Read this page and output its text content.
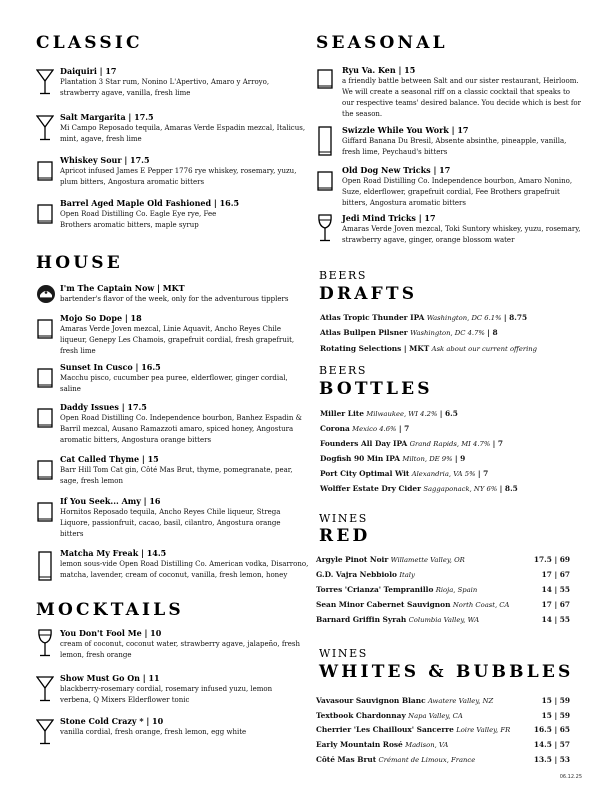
CLASSIC
Daiquiri | 17
Plantation 3 Star rum, Nonino L'Apertivo, Amaro y Arroyo, strawberry agave, vanilla, fresh lime
Salt Margarita | 17.5
Mi Campo Reposado tequila, Amaras Verde Espadin mezcal, Italicus, mint, agave, fresh lime
Whiskey Sour | 17.5
Apricot infused James E Pepper 1776 rye whiskey, rosemary, yuzu, plum bitters, Angostura aromatic bitters
Barrel Aged Maple Old Fashioned | 16.5
Open Road Distilling Co. Eagle Eye rye, Fee Brothers aromatic bitters, maple syrup
HOUSE
I'm The Captain Now | MKT
bartender's flavor of the week, only for the adventurous tipplers
Mojo So Dope | 18
Amaras Verde Joven mezcal, Linie Aquavit, Ancho Reyes Chile liqueur, Genepy Les Chamois, grapefruit cordial, fresh grapefruit, fresh lime
Sunset In Cusco | 16.5
Macchu pisco, cucumber pea puree, elderflower, ginger cordial, saline
Daddy Issues | 17.5
Open Road Distilling Co. Independence bourbon, Banhez Espadin & Barril mezcal, Ausano Ramazzoti amaro, spiced honey, Angostura aromatic bitters, Angostura orange bitters
Cat Called Thyme | 15
Barr Hill Tom Cat gin, Côté Mas Brut, thyme, pomegranate, pear, sage, fresh lemon
If You Seek... Amy | 16
Hornitos Reposado tequila, Ancho Reyes Chile liqueur, Strega Liquore, passionfruit, cacao, basil, cilantro, Angostura orange bitters
Matcha My Freak | 14.5
lemon sous-vide Open Road Distilling Co. American vodka, Disarrono, matcha, lavender, cream of coconut, vanilla, fresh lemon, honey
MOCKTAILS
You Don't Fool Me | 10
cream of coconut, coconut water, strawberry agave, jalapeño, fresh lemon, fresh orange
Show Must Go On | 11
blackberry-rosemary cordial, rosemary infused yuzu, lemon verbena, Q Mixers Elderflower tonic
Stone Cold Crazy * | 10
vanilla cordial, fresh orange, fresh lemon, egg white
SEASONAL
Ryu Va. Ken | 15
a friendly battle between Salt and our sister restaurant, Heirloom. We will create a seasonal riff on a classic cocktail that speaks to our respective teams' desired balance. You decide which is best for the season.
Swizzle While You Work | 17
Giffard Banana Du Bresil, Absente absinthe, pineapple, vanilla, fresh lime, Peychaud's bitters
Old Dog New Tricks | 17
Open Road Distilling Co. Independence bourbon, Amaro Nonino, Suze, elderflower, grapefruit cordial, Fee Brothers grapefruit bitters, Angostura aromatic bitters
Jedi Mind Tricks | 17
Amaras Verde Joven mezcal, Toki Suntory whiskey, yuzu, rosemary, strawberry agave, ginger, orange blossom water
BEERS
DRAFTS
Atlas Tropic Thunder IPA Washington, DC 6.1% | 8.75
Atlas Bullpen Pilsner Washington, DC 4.7% | 8
Rotating Selections | MKT Ask about our current offering
BEERS
BOTTLES
Miller Lite Milwaukee, WI 4.2% | 6.5
Corona Mexico 4.6% | 7
Founders All Day IPA Grand Rapids, MI 4.7% | 7
Dogfish 90 Min IPA Milton, DE 9% | 9
Port City Optimal Wit Alexandria, VA 5% | 7
Wolffer Estate Dry Cider Saggaponack, NY 6% | 8.5
WINES
RED
Argyle Pinot Noir Willamette Valley, OR	17.5 | 69
G.D. Vajra Nebbiolo Italy	17 | 67
Torres 'Crianza' Tempranillo Rioja, Spain	14 | 55
Sean Minor Cabernet Sauvignon North Coast, CA	17 | 67
Barnard Griffin Syrah Columbia Valley, WA	14 | 55
WINES
WHITES & BUBBLES
Vavasour Sauvignon Blanc Awatere Valley, NZ	15 | 59
Textbook Chardonnay Napa Valley, CA	15 | 59
Cherrier 'Les Chailloux' Sancerre Loire Valley, FR	16.5 | 65
Early Mountain Rosé Madison, VA	14.5 | 57
Côté Mas Brut Crémant de Limoux, France	13.5 | 53
06.12.25
